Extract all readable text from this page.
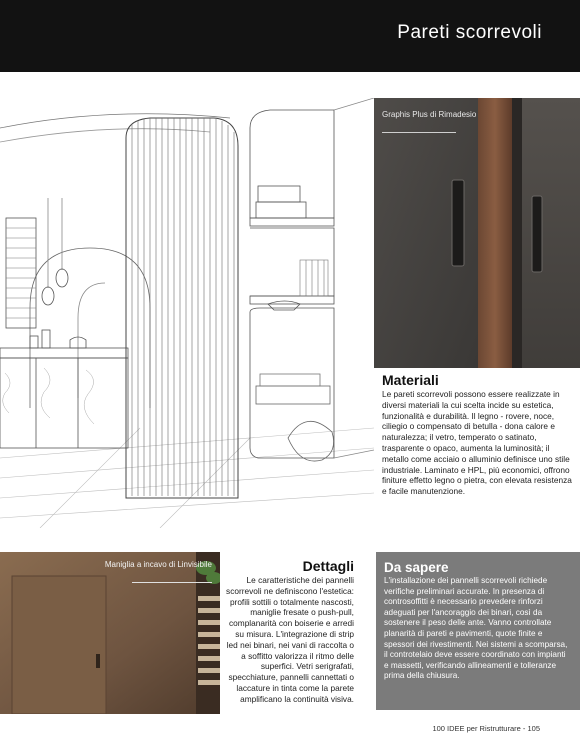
Pareti scorrevoli
Graphis Plus di Rimadesio
Materiali
Le pareti scorrevoli possono essere realizzate in diversi materiali la cui scelta incide su estetica, funzionalità e durabilità. Il legno - rovere, noce, ciliegio o compensato di betulla - dona calore e naturalezza; il vetro, temperato o satinato, trasparente o opaco, aumenta la luminosità; il metallo come acciaio o alluminio definisce uno stile industriale. Laminato e HPL, più economici, offrono finiture effetto legno o pietra, con elevata resistenza e facile manutenzione.
Maniglia a incavo di Linvisibile	Dettagli
Le caratteristiche dei pannelli scorrevoli ne definiscono l'estetica: profili sottili o totalmente nascosti, maniglie fresate o push-pull, complanarità con boiserie e arredi su misura. L'integrazione di strip led nei binari, nei vani di raccolta o a soffitto valorizza il ritmo delle superfici. Vetri serigrafati, specchiature, pannelli cannettati o laccature in tinta come la parete amplificano la continuità visiva.
Da sapere
L'installazione dei pannelli scorrevoli richiede verifiche preliminari accurate. In presenza di controsoffitti è necessario prevedere rinforzi adeguati per l'ancoraggio dei binari, così da sostenere il peso delle ante. Vanno controllate planarità di pareti e pavimenti, quote finite e spessori dei rivestimenti. Nei sistemi a scomparsa, il controtelaio deve essere coordinato con impianti e massetti, verificando allineamenti e tolleranze prima della chiusura.
100 IDEE per Ristrutturare - 105
